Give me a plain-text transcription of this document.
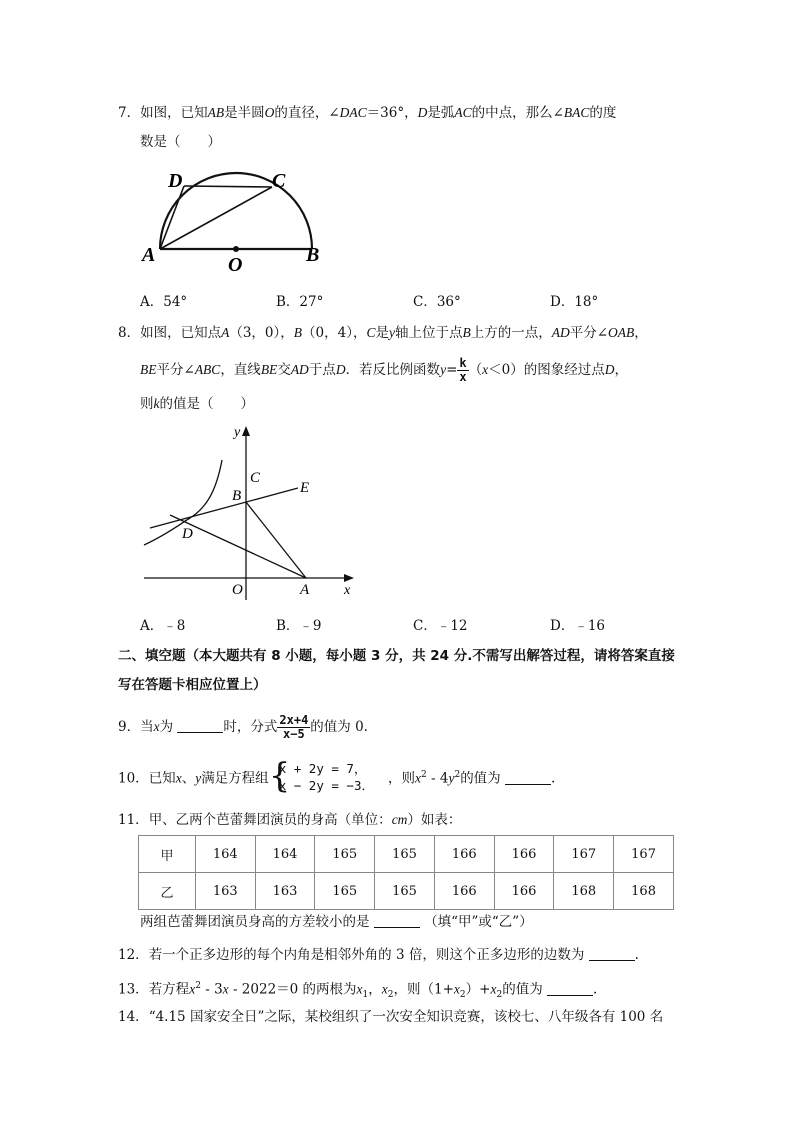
7．如图，已知AB是半圆O的直径，∠DAC＝36°，D是弧AC的中点，那么∠BAC的度
数是（　　）
D	C
A	O	B
A．54°	B．27°	C．36°	D．18°
8．如图，已知点A（3，0），B（0，4），C是y轴上位于点B上方的一点，AD平分∠OAB，
BE平分∠ABC，直线BE交AD于点D．若反比例函数$y= \frac{k}{x} (x<0)$的图象经过点D，
则k的值是（　　）
y
C
E
B
D
O	A x
A．﹣8	B．﹣9	C．﹣12	D．﹣16
二、填空题（本大题共有 8 小题，每小题 3 分，共 24 分.不需写出解答过程，请将答案直接
写在答题卡相应位置上）
9．当x为	时，分式 $\frac{2x+4}{x-5}$ 的值为 0.
10．已知x、y满足方程组 {
x + 2y = 7，
x − 2y = −3． ，则$x^2 - 4y^2$的值为	.
11．甲、乙两个芭蕾舞团演员的身高（单位：cm）如表：
甲	164	164	165	165	166	166	167	167
乙	163	163	165	165	166	166	168	168
两组芭蕾舞团演员身高的方差较小的是	（填“甲”或“乙”）
12．若一个正多边形的每个内角是相邻外角的 3 倍，则这个正多边形的边数为	.
13．若方程$x^2 - 3x - 2022=0$ 的两根为$x_1$，$x_2$，则$(1+x_2)+x_2$的值为	.
14．“4.15 国家安全日”之际，某校组织了一次安全知识竞赛，该校七、八年级各有 100 名
